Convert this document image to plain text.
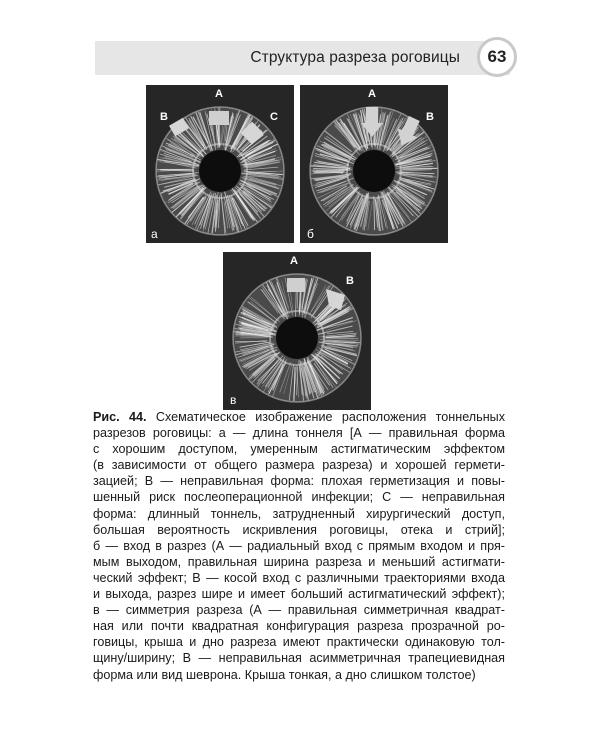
Структура разреза роговицы	63
A
B	C
а
A
B
б
A
B
в
Рис. 44. Схематическое изображение расположения тоннельных
разрезов роговицы: а — длина тоннеля [А — правильная форма
с хорошим доступом, умеренным астигматическим эффектом
(в зависимости от общего размера разреза) и хорошей гермети-
зацией; В — неправильная форма: плохая герметизация и повы-
шенный риск послеоперационной инфекции; С — неправильная
форма: длинный тоннель, затрудненный хирургический доступ,
большая вероятность искривления роговицы, отека и стрий];
б — вход в разрез (А — радиальный вход с прямым входом и пря-
мым выходом, правильная ширина разреза и меньший астигмати-
ческий эффект; В — косой вход с различными траекториями входа
и выхода, разрез шире и имеет больший астигматический эффект);
в — симметрия разреза (А — правильная симметричная квадрат-
ная или почти квадратная конфигурация разреза прозрачной ро-
говицы, крыша и дно разреза имеют практически одинаковую тол-
щину/ширину; В — неправильная асимметричная трапециевидная
форма или вид шеврона. Крыша тонкая, а дно слишком толстое)
